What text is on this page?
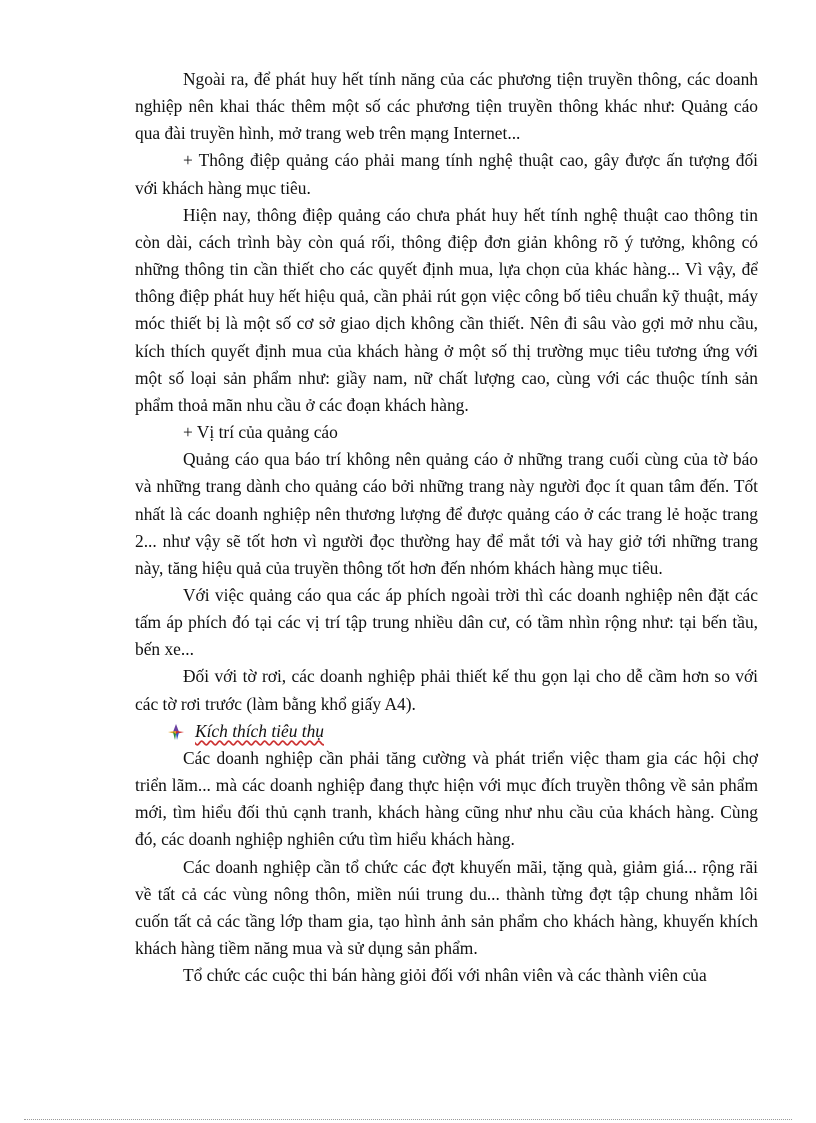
Ngoài ra, để phát huy hết tính năng của các phương tiện truyền thông, các doanh nghiệp nên khai thác thêm một số các phương tiện truyền thông khác như: Quảng cáo qua đài truyền hình, mở trang web trên mạng Internet...

+ Thông điệp quảng cáo phải mang tính nghệ thuật cao, gây được ấn tượng đối với khách hàng mục tiêu.

Hiện nay, thông điệp quảng cáo chưa phát huy hết tính nghệ thuật cao thông tin còn dài, cách trình bày còn quá rối, thông điệp đơn giản không rõ ý tưởng, không có những thông tin cần thiết cho các quyết định mua, lựa chọn của khác hàng... Vì vậy, để thông điệp phát huy hết hiệu quả, cần phải rút gọn việc công bố tiêu chuẩn kỹ thuật, máy móc thiết bị là một số cơ sở giao dịch không cần thiết. Nên đi sâu vào gợi mở nhu cầu, kích thích quyết định mua của khách hàng ở một số thị trường mục tiêu tương ứng với một số loại sản phẩm như: giầy nam, nữ chất lượng cao, cùng với các thuộc tính sản phẩm thoả mãn nhu cầu ở các đoạn khách hàng.

+ Vị trí của quảng cáo

Quảng cáo qua báo trí không nên quảng cáo ở những trang cuối cùng của tờ báo và những trang dành cho quảng cáo bởi những trang này người đọc ít quan tâm đến. Tốt nhất là các doanh nghiệp nên thương lượng để được quảng cáo ở các trang lẻ hoặc trang 2... như vậy sẽ tốt hơn vì người đọc thường hay để mắt tới và hay giở tới những trang này, tăng hiệu quả của truyền thông tốt hơn đến nhóm khách hàng mục tiêu.

Với việc quảng cáo qua các áp phích ngoài trời thì các doanh nghiệp nên đặt các tấm áp phích đó tại các vị trí tập trung nhiều dân cư, có tầm nhìn rộng như: tại bến tầu, bến xe...

Đối với tờ rơi, các doanh nghiệp phải thiết kế thu gọn lại cho dễ cầm hơn so với các tờ rơi trước (làm bằng khổ giấy A4).

Kích thích tiêu thụ

Các doanh nghiệp cần phải tăng cường và phát triển việc tham gia các hội chợ triển lãm... mà các doanh nghiệp đang thực hiện với mục đích truyền thông về sản phẩm mới, tìm hiểu đối thủ cạnh tranh, khách hàng cũng như nhu cầu của khách hàng. Cùng đó, các doanh nghiệp nghiên cứu tìm hiểu khách hàng.

Các doanh nghiệp cần tổ chức các đợt khuyến mãi, tặng quà, giảm giá... rộng rãi về tất cả các vùng nông thôn, miền núi trung du... thành từng đợt tập chung nhằm lôi cuốn tất cả các tầng lớp tham gia, tạo hình ảnh sản phẩm cho khách hàng, khuyến khích khách hàng tiềm năng mua và sử dụng sản phẩm.

Tổ chức các cuộc thi bán hàng giỏi đối với nhân viên và các thành viên của
